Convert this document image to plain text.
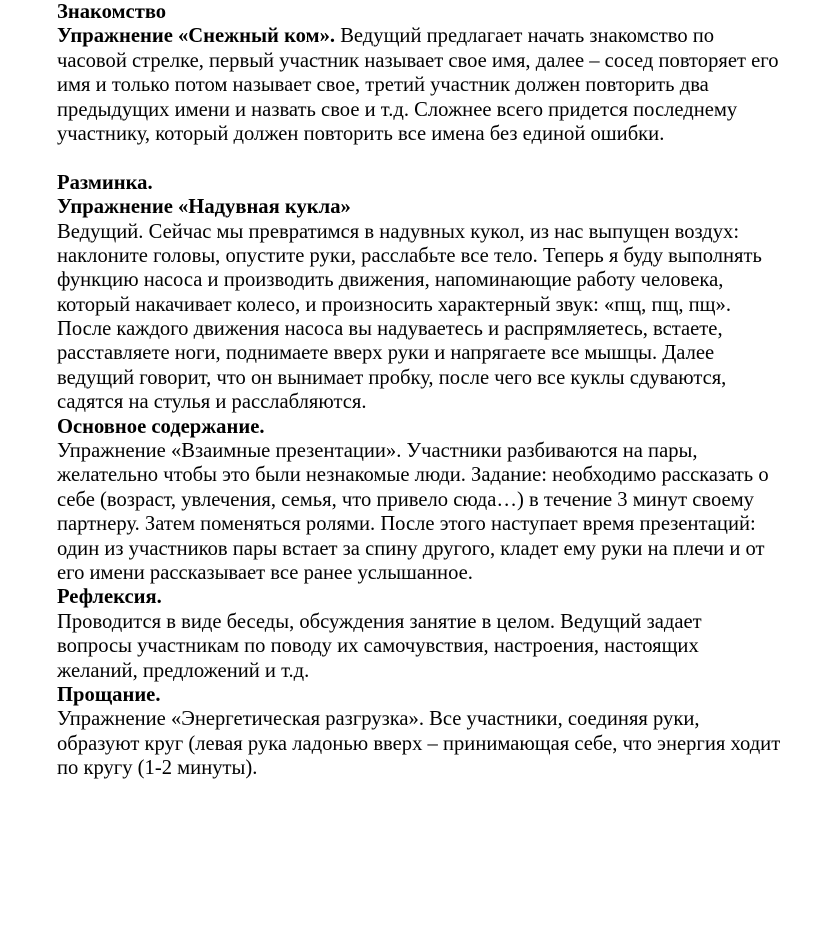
Знакомство
Упражнение «Снежный ком». Ведущий предлагает начать знакомство по
часовой стрелке, первый участник называет свое имя, далее – сосед повторяет его
имя и только потом называет свое, третий участник должен повторить два
предыдущих имени и назвать свое и т.д. Сложнее всего придется последнему
участнику, который должен повторить все имена без единой ошибки.
Разминка.
Упражнение «Надувная кукла»
Ведущий. Сейчас мы превратимся в надувных кукол, из нас выпущен воздух:
наклоните головы, опустите руки, расслабьте все тело. Теперь я буду выполнять
функцию насоса и производить движения, напоминающие работу человека,
который накачивает колесо, и произносить характерный звук: «пщ, пщ, пщ».
После каждого движения насоса вы надуваетесь и распрямляетесь, встаете,
расставляете ноги, поднимаете вверх руки и напрягаете все мышцы. Далее
ведущий говорит, что он вынимает пробку, после чего все куклы сдуваются,
садятся на стулья и расслабляются.
Основное содержание.
Упражнение «Взаимные презентации». Участники разбиваются на пары,
желательно чтобы это были незнакомые люди. Задание: необходимо рассказать о
себе (возраст, увлечения, семья, что привело сюда…) в течение 3 минут своему
партнеру. Затем поменяться ролями. После этого наступает время презентаций:
один из участников пары встает за спину другого, кладет ему руки на плечи и от
его имени рассказывает все ранее услышанное.
Рефлексия.
Проводится в виде беседы, обсуждения занятие в целом. Ведущий задает
вопросы участникам по поводу их самочувствия, настроения, настоящих
желаний, предложений и т.д.
Прощание.
Упражнение «Энергетическая разгрузка». Все участники, соединяя руки,
образуют круг (левая рука ладонью вверх – принимающая себе, что энергия ходит
по кругу (1-2 минуты).
